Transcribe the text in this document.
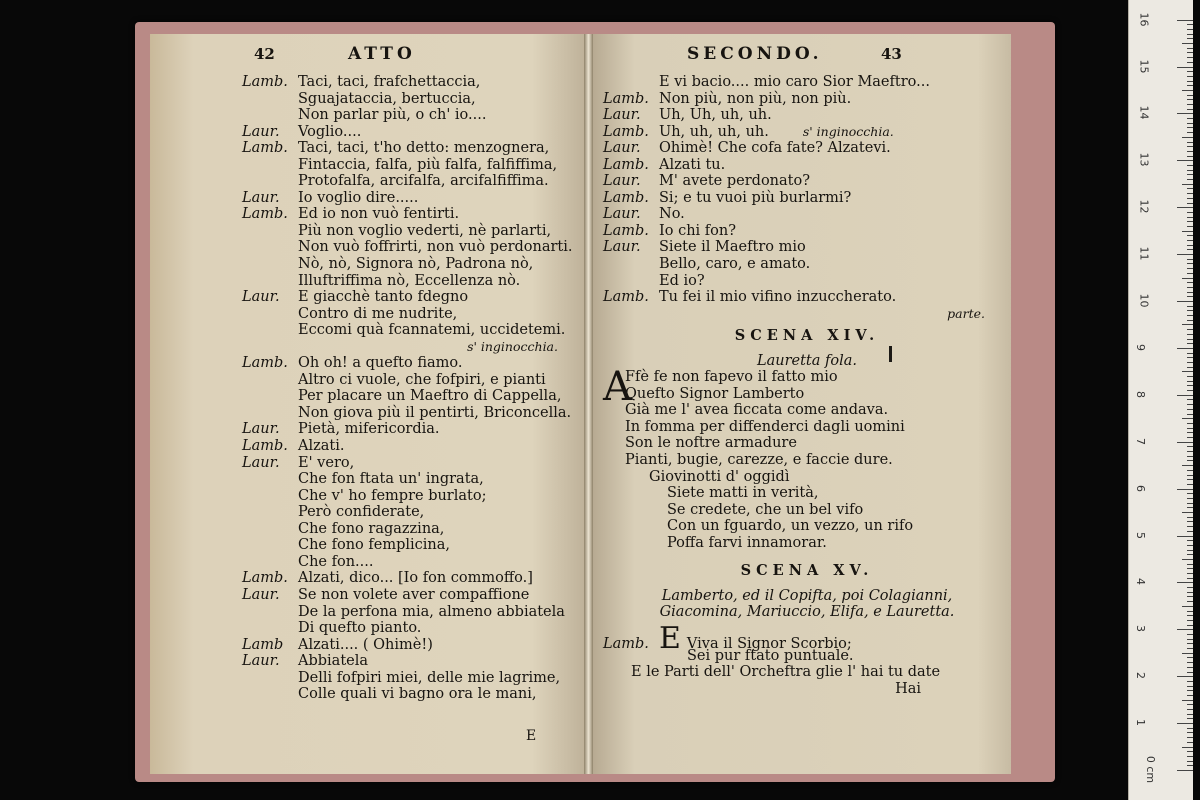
42	ATTO
Lamb. Taci, taci, frafchettaccia,
Sguajataccia, bertuccia,
Non parlar più, o ch' io....
Laur. Voglio....
Lamb. Taci, taci, t'ho detto: menzognera,
Fintaccia, falfa, più falfa, falfiffima,
Protofalfa, arcifalfa, arcifalfiffima.
Laur. Io voglio dire.....
Lamb. Ed io non vuò fentirti.
Più non voglio vederti, nè parlarti,
Non vuò foffrirti, non vuò perdonarti.
Nò, nò, Signora nò, Padrona nò,
Illuftriffima nò, Eccellenza nò.
Laur. E giacchè tanto fdegno
Contro di me nudrite,
Eccomi quà fcannatemi, uccidetemi.
s' inginocchia.
Lamb. Oh oh! a quefto fiamo.
Altro ci vuole, che fofpiri, e pianti
Per placare un Maeftro di Cappella,
Non giova più il pentirti, Briconcella.
Laur. Pietà, mifericordia.
Lamb. Alzati.
Laur. E' vero,
Che fon ftata un' ingrata,
Che v' ho fempre burlato;
Però confiderate,
Che fono ragazzina,
Che fono femplicina,
Che fon....
Lamb. Alzati, dico... [Io fon commoffo.]
Laur. Se non volete aver compaffione
De la perfona mia, almeno abbiatela
Di quefto pianto.
Lamb Alzati.... ( Ohimè!)
Laur. Abbiatela
Delli fofpiri miei, delle mie lagrime,
Colle quali vi bagno ora le mani,
E
SECONDO.	43
E vi bacio.... mio caro Sior Maeftro...
Lamb. Non più, non più, non più.
Laur. Uh, Uh, uh, uh.
Lamb. Uh, uh, uh, uh.	s' inginocchia.
Laur. Ohimè! Che cofa fate? Alzatevi.
Lamb. Alzati tu.
Laur. M' avete perdonato?
Lamb. Si; e tu vuoi più burlarmi?
Laur. No.
Lamb. Io chi fon?
Laur. Siete il Maeftro mio
Bello, caro, e amato.
Ed io?
Lamb. Tu fei il mio vifino inzuccherato.
parte.
SCENA XIV.
Lauretta fola.
A
Ffè fe non fapevo il fatto mio
Quefto Signor Lamberto
Già me l' avea ficcata come andava.
In fomma per diffenderci dagli uomini
Son le noftre armadure
Pianti, bugie, carezze, e faccie dure.
Giovinotti d' oggidì
Siete matti in verità,
Se credete, che un bel vifo
Con un fguardo, un vezzo, un rifo
Poffa farvi innamorar.
SCENA XV.
Lamberto, ed il Copifta, poi Colagianni,
Giacomina, Mariuccio, Elifa, e Lauretta.
Lamb. E Viva il Signor Scorbio;
Sei pur ftato puntuale.
E le Parti dell' Orcheftra glie l' hai tu date
Hai
0 cm
1
2
3
4
5
6
7
8
9
10
11
12
13
14
15
16
